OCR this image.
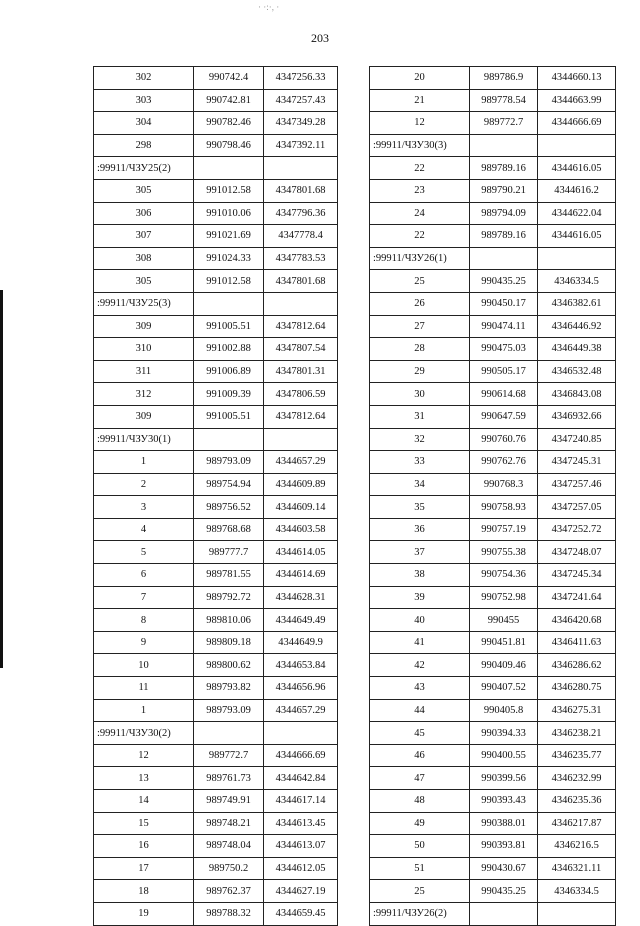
· ·:·, ·
203
302	990742.4	4347256.33
303	990742.81	4347257.43
304	990782.46	4347349.28
298	990798.46	4347392.11
:99911/ЧЗУ25(2)		
305	991012.58	4347801.68
306	991010.06	4347796.36
307	991021.69	4347778.4
308	991024.33	4347783.53
305	991012.58	4347801.68
:99911/ЧЗУ25(3)		
309	991005.51	4347812.64
310	991002.88	4347807.54
311	991006.89	4347801.31
312	991009.39	4347806.59
309	991005.51	4347812.64
:99911/ЧЗУ30(1)		
1	989793.09	4344657.29
2	989754.94	4344609.89
3	989756.52	4344609.14
4	989768.68	4344603.58
5	989777.7	4344614.05
6	989781.55	4344614.69
7	989792.72	4344628.31
8	989810.06	4344649.49
9	989809.18	4344649.9
10	989800.62	4344653.84
11	989793.82	4344656.96
1	989793.09	4344657.29
:99911/ЧЗУ30(2)		
12	989772.7	4344666.69
13	989761.73	4344642.84
14	989749.91	4344617.14
15	989748.21	4344613.45
16	989748.04	4344613.07
17	989750.2	4344612.05
18	989762.37	4344627.19
19	989788.32	4344659.45
20	989786.9	4344660.13
21	989778.54	4344663.99
12	989772.7	4344666.69
:99911/ЧЗУ30(3)		
22	989789.16	4344616.05
23	989790.21	4344616.2
24	989794.09	4344622.04
22	989789.16	4344616.05
:99911/ЧЗУ26(1)		
25	990435.25	4346334.5
26	990450.17	4346382.61
27	990474.11	4346446.92
28	990475.03	4346449.38
29	990505.17	4346532.48
30	990614.68	4346843.08
31	990647.59	4346932.66
32	990760.76	4347240.85
33	990762.76	4347245.31
34	990768.3	4347257.46
35	990758.93	4347257.05
36	990757.19	4347252.72
37	990755.38	4347248.07
38	990754.36	4347245.34
39	990752.98	4347241.64
40	990455	4346420.68
41	990451.81	4346411.63
42	990409.46	4346286.62
43	990407.52	4346280.75
44	990405.8	4346275.31
45	990394.33	4346238.21
46	990400.55	4346235.77
47	990399.56	4346232.99
48	990393.43	4346235.36
49	990388.01	4346217.87
50	990393.81	4346216.5
51	990430.67	4346321.11
25	990435.25	4346334.5
:99911/ЧЗУ26(2)		
